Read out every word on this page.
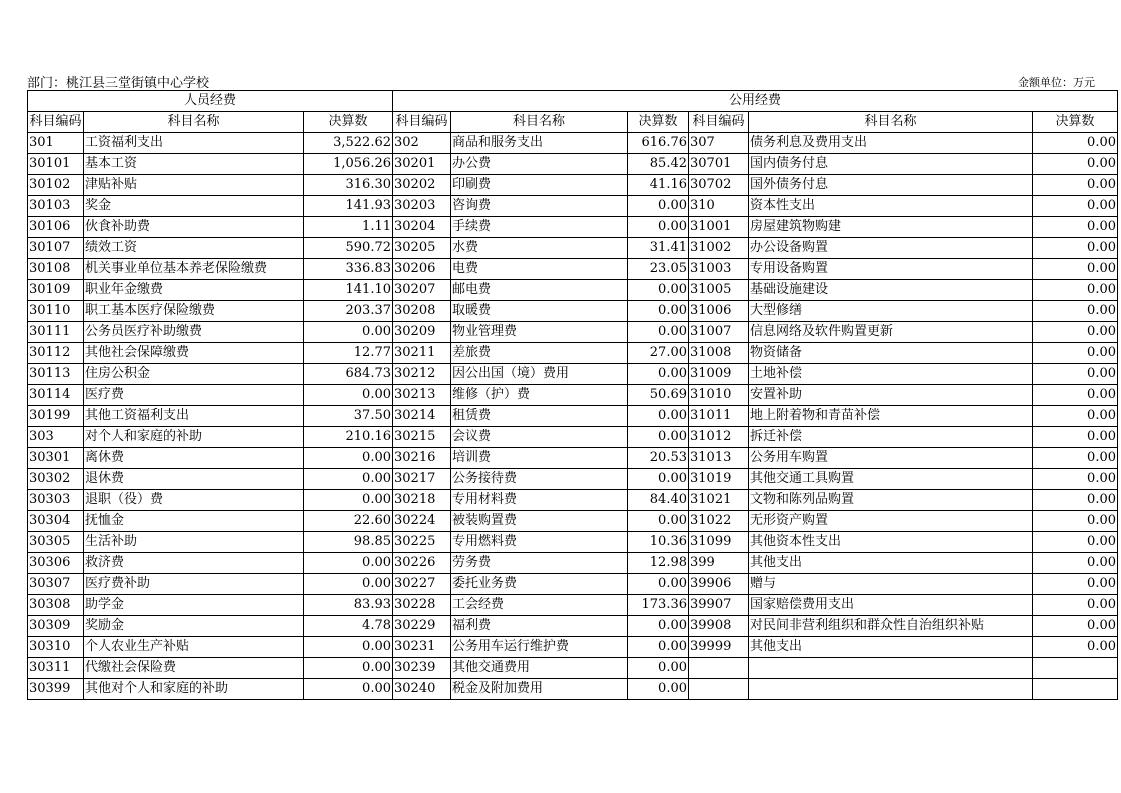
部门：桃江县三堂街镇中心学校	金额单位：万元
人员经费			公用经费					
科目编码	科目名称	决算数	科目编码	科目名称	决算数	科目编码	科目名称	决算数
301	工资福利支出	3,522.62	302	商品和服务支出	616.76	307	债务利息及费用支出	0.00
30101	基本工资	1,056.26	30201	办公费	85.42	30701	国内债务付息	0.00
30102	津贴补贴	316.30	30202	印刷费	41.16	30702	国外债务付息	0.00
30103	奖金	141.93	30203	咨询费	0.00	310	资本性支出	0.00
30106	伙食补助费	1.11	30204	手续费	0.00	31001	房屋建筑物购建	0.00
30107	绩效工资	590.72	30205	水费	31.41	31002	办公设备购置	0.00
30108	机关事业单位基本养老保险缴费	336.83	30206	电费	23.05	31003	专用设备购置	0.00
30109	职业年金缴费	141.10	30207	邮电费	0.00	31005	基础设施建设	0.00
30110	职工基本医疗保险缴费	203.37	30208	取暖费	0.00	31006	大型修缮	0.00
30111	公务员医疗补助缴费	0.00	30209	物业管理费	0.00	31007	信息网络及软件购置更新	0.00
30112	其他社会保障缴费	12.77	30211	差旅费	27.00	31008	物资储备	0.00
30113	住房公积金	684.73	30212	因公出国（境）费用	0.00	31009	土地补偿	0.00
30114	医疗费	0.00	30213	维修（护）费	50.69	31010	安置补助	0.00
30199	其他工资福利支出	37.50	30214	租赁费	0.00	31011	地上附着物和青苗补偿	0.00
303	对个人和家庭的补助	210.16	30215	会议费	0.00	31012	拆迁补偿	0.00
30301	离休费	0.00	30216	培训费	20.53	31013	公务用车购置	0.00
30302	退休费	0.00	30217	公务接待费	0.00	31019	其他交通工具购置	0.00
30303	退职（役）费	0.00	30218	专用材料费	84.40	31021	文物和陈列品购置	0.00
30304	抚恤金	22.60	30224	被装购置费	0.00	31022	无形资产购置	0.00
30305	生活补助	98.85	30225	专用燃料费	10.36	31099	其他资本性支出	0.00
30306	救济费	0.00	30226	劳务费	12.98	399	其他支出	0.00
30307	医疗费补助	0.00	30227	委托业务费	0.00	39906	赠与	0.00
30308	助学金	83.93	30228	工会经费	173.36	39907	国家赔偿费用支出	0.00
30309	奖励金	4.78	30229	福利费	0.00	39908	对民间非营利组织和群众性自治组织补贴	0.00
30310	个人农业生产补贴	0.00	30231	公务用车运行维护费	0.00	39999	其他支出	0.00
30311	代缴社会保险费	0.00	30239	其他交通费用	0.00			
30399	其他对个人和家庭的补助	0.00	30240	税金及附加费用	0.00			
